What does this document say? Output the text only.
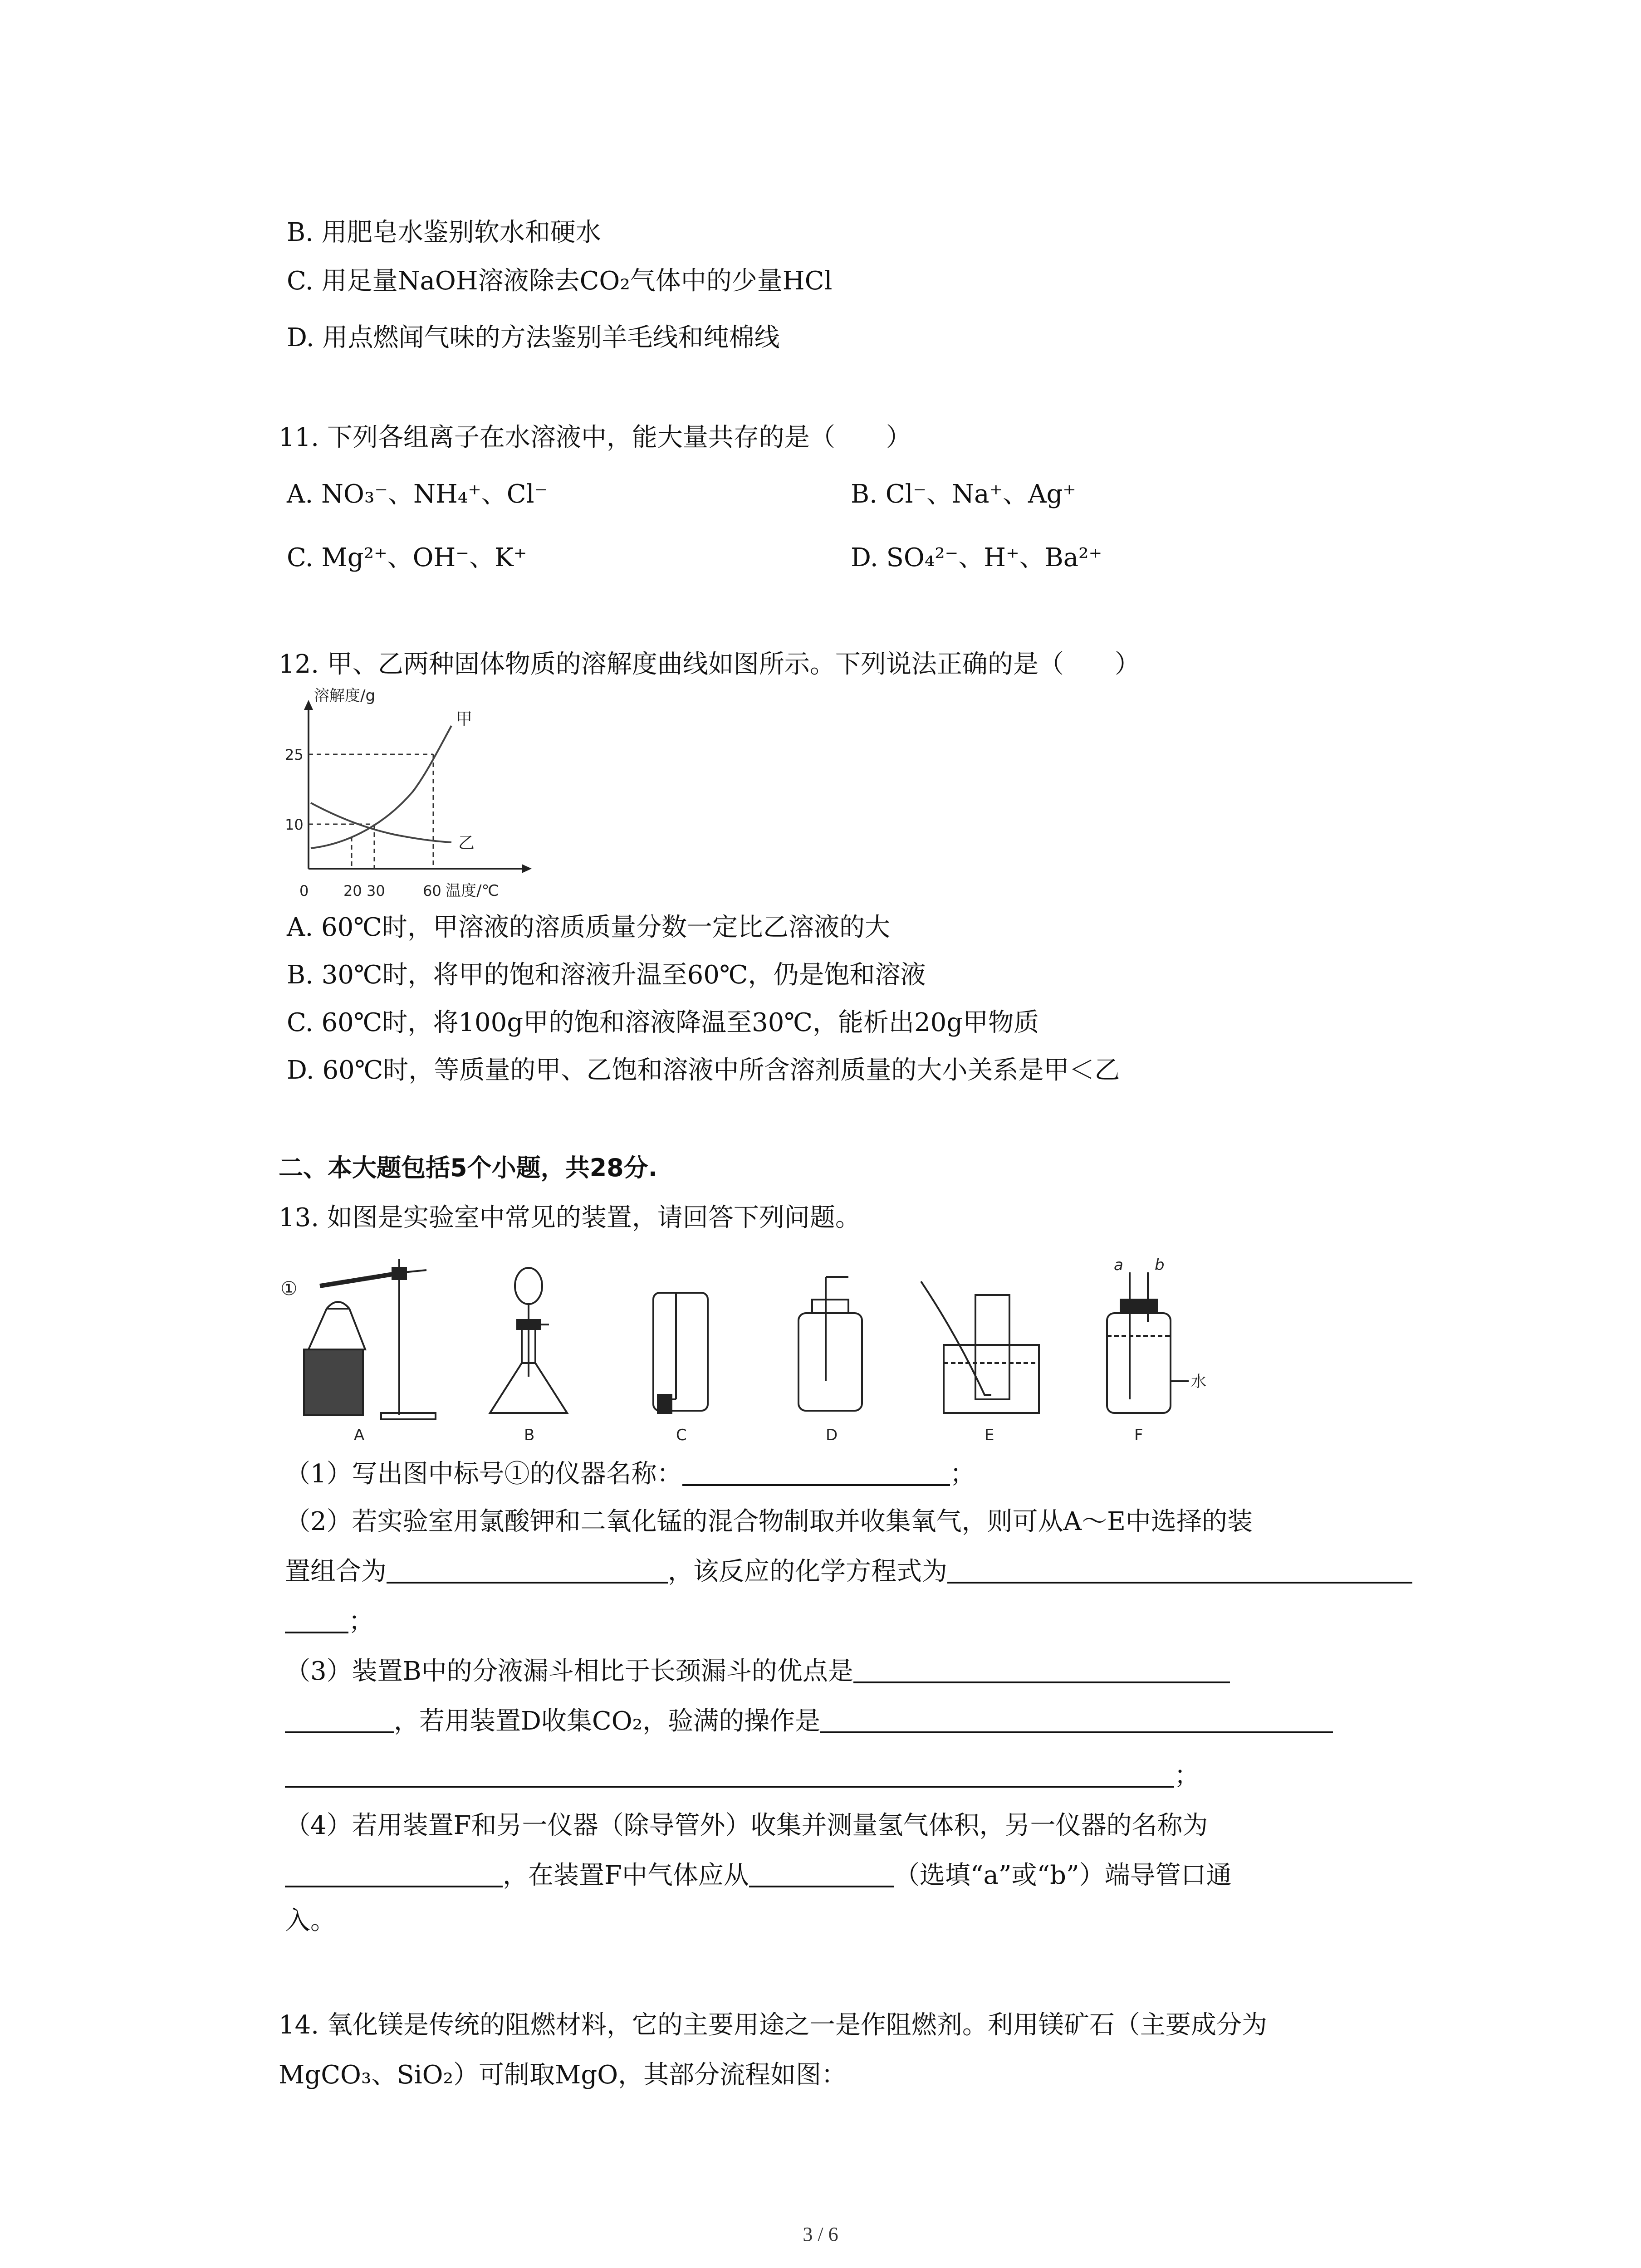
B. 用肥皂水鉴别软水和硬水
C. 用足量NaOH溶液除去CO₂气体中的少量HCl
D. 用点燃闻气味的方法鉴别羊毛线和纯棉线
11. 下列各组离子在水溶液中，能大量共存的是（　　）
A. NO₃⁻、NH₄⁺、Cl⁻	B. Cl⁻、Na⁺、Ag⁺
C. Mg²⁺、OH⁻、K⁺	D. SO₄²⁻、H⁺、Ba²⁺
12. 甲、乙两种固体物质的溶解度曲线如图所示。下列说法正确的是（　　）
溶解度/g
甲
乙
25
10
0 20 30	60 温度/℃
A. 60℃时，甲溶液的溶质质量分数一定比乙溶液的大
B. 30℃时，将甲的饱和溶液升温至60℃，仍是饱和溶液
C. 60℃时，将100g甲的饱和溶液降温至30℃，能析出20g甲物质
D. 60℃时，等质量的甲、乙饱和溶液中所含溶剂质量的大小关系是甲＜乙
二、本大题包括5个小题，共28分.
13. 如图是实验室中常见的装置，请回答下列问题。
①
A	B	C	D	E	F
a b
水
（1）写出图中标号①的仪器名称：	；
（2）若实验室用氯酸钾和二氧化锰的混合物制取并收集氧气，则可从A～E中选择的装
置组合为	，该反应的化学方程式为
；
（3）装置B中的分液漏斗相比于长颈漏斗的优点是
，若用装置D收集CO₂，验满的操作是
；
（4）若用装置F和另一仪器（除导管外）收集并测量氢气体积，另一仪器的名称为
，在装置F中气体应从	（选填“a”或“b”）端导管口通
入。
14. 氧化镁是传统的阻燃材料，它的主要用途之一是作阻燃剂。利用镁矿石（主要成分为
MgCO₃、SiO₂）可制取MgO，其部分流程如图：
3 / 6
